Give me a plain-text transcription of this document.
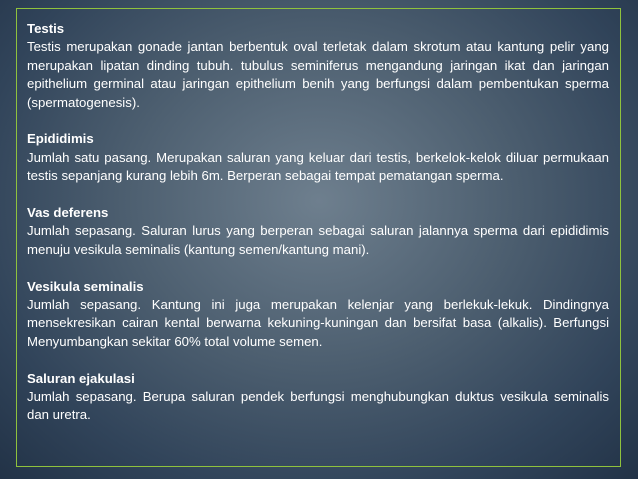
Testis

Testis merupakan gonade jantan berbentuk oval terletak dalam skrotum atau kantung pelir yang merupakan lipatan dinding tubuh. tubulus seminiferus mengandung jaringan ikat dan jaringan epithelium germinal atau jaringan epithelium benih yang berfungsi dalam pembentukan sperma (spermatogenesis).

Epididimis

Jumlah satu pasang. Merupakan saluran yang keluar dari testis, berkelok-kelok diluar permukaan testis sepanjang kurang lebih 6m. Berperan sebagai tempat pematangan sperma.

Vas deferens

Jumlah sepasang. Saluran lurus yang berperan sebagai saluran jalannya sperma dari epididimis menuju vesikula seminalis (kantung semen/kantung mani).

Vesikula seminalis

Jumlah sepasang. Kantung ini juga merupakan kelenjar yang berlekuk-lekuk. Dindingnya mensekresikan cairan kental berwarna kekuning-kuningan dan bersifat basa (alkalis). Berfungsi Menyumbangkan sekitar 60% total volume semen.

Saluran ejakulasi

Jumlah sepasang. Berupa saluran pendek berfungsi menghubungkan duktus vesikula seminalis dan uretra.
